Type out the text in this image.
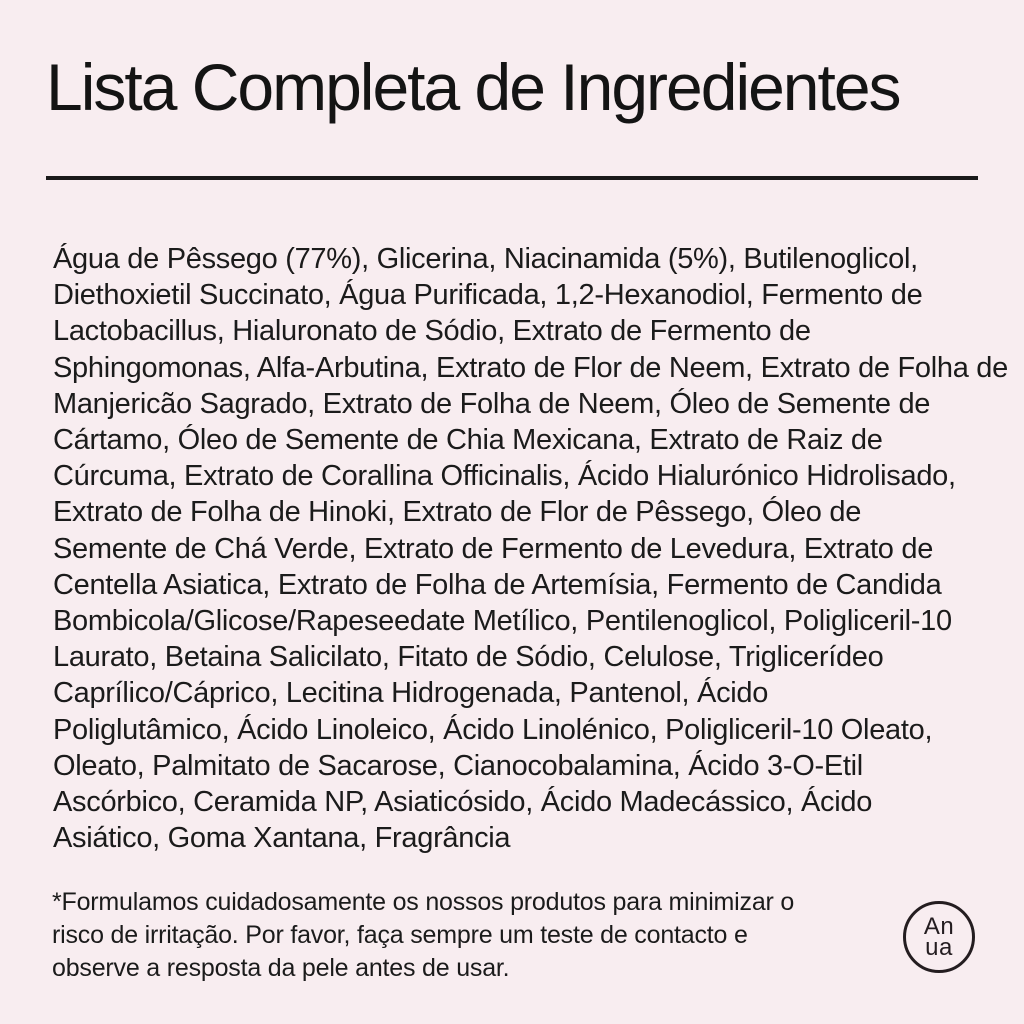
Lista Completa de Ingredientes
Água de Pêssego (77%), Glicerina, Niacinamida (5%), Butilenoglicol,
Diethoxietil Succinato, Água Purificada, 1,2-Hexanodiol, Fermento de
Lactobacillus, Hialuronato de Sódio, Extrato de Fermento de
Sphingomonas, Alfa-Arbutina, Extrato de Flor de Neem, Extrato de Folha de
Manjericão Sagrado, Extrato de Folha de Neem, Óleo de Semente de
Cártamo, Óleo de Semente de Chia Mexicana, Extrato de Raiz de
Cúrcuma, Extrato de Corallina Officinalis, Ácido Hialurónico Hidrolisado,
Extrato de Folha de Hinoki, Extrato de Flor de Pêssego, Óleo de
Semente de Chá Verde, Extrato de Fermento de Levedura, Extrato de
Centella Asiatica, Extrato de Folha de Artemísia, Fermento de Candida
Bombicola/Glicose/Rapeseedate Metílico, Pentilenoglicol, Poligliceril-10
Laurato, Betaina Salicilato, Fitato de Sódio, Celulose, Triglicerídeo
Caprílico/Cáprico, Lecitina Hidrogenada, Pantenol, Ácido
Poliglutâmico, Ácido Linoleico, Ácido Linolénico, Poligliceril-10 Oleato,
Oleato, Palmitato de Sacarose, Cianocobalamina, Ácido 3-O-Etil
Ascórbico, Ceramida NP, Asiaticósido, Ácido Madecássico, Ácido
Asiático, Goma Xantana, Fragrância
*Formulamos cuidadosamente os nossos produtos para minimizar o
risco de irritação. Por favor, faça sempre um teste de contacto e
observe a resposta da pele antes de usar.
An
ua
